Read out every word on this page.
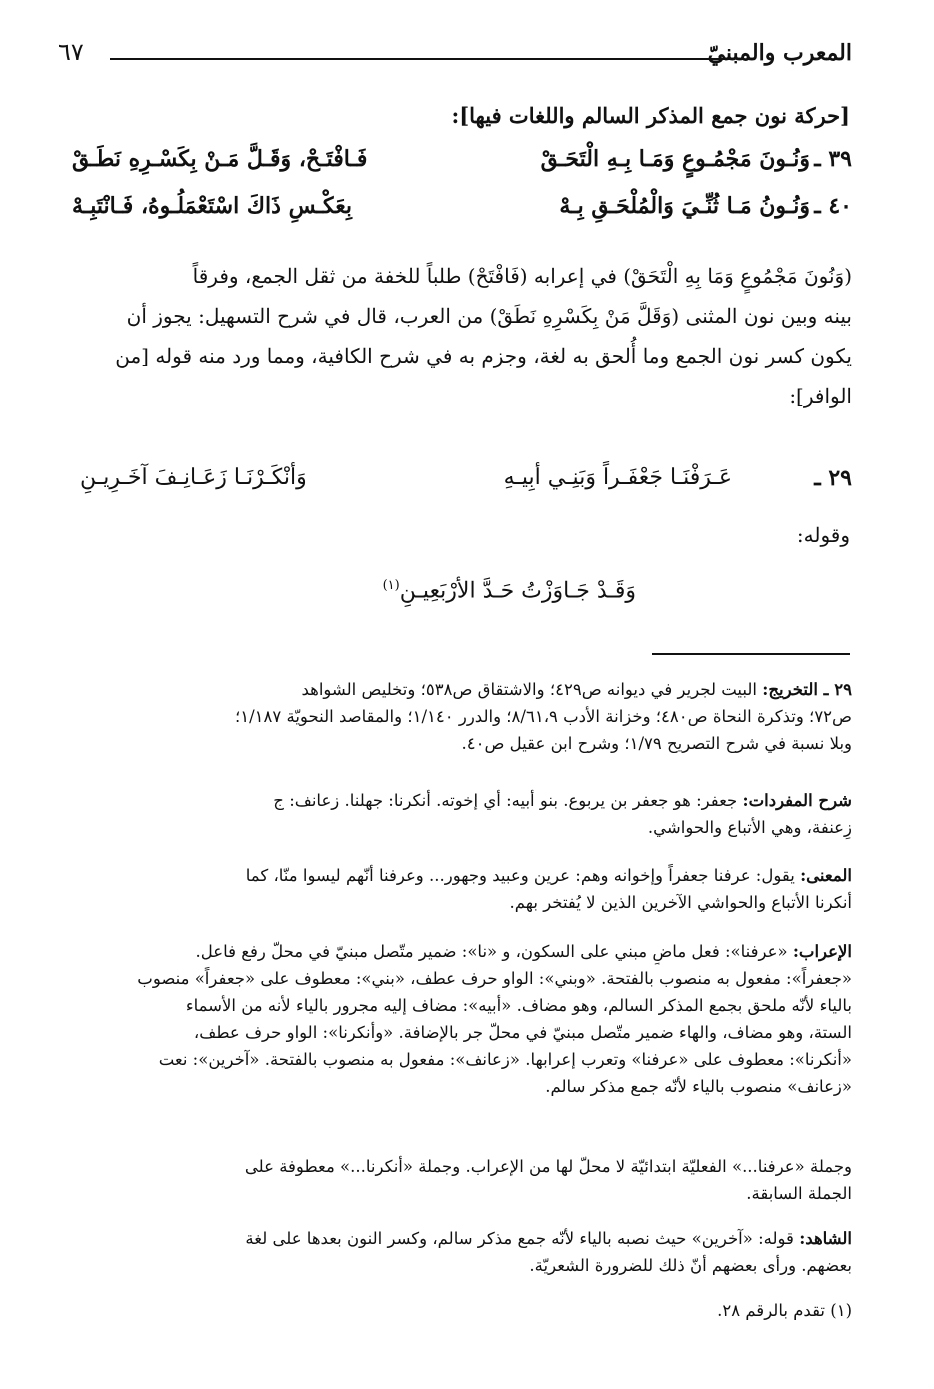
المعرب والمبنيّ
٦٧
[حركة نون جمع المذكر السالم واللغات فيها]:
٣٩ ـ
وَنُـونَ مَجْمُـوعٍ وَمَـا بِـهِ الْتَحَـقْ
فَـافْتَـحْ، وَقَـلَّ مَـنْ بِكَسْـرِهِ نَطَـقْ
٤٠ ـ
وَنُـونُ مَـا ثُنِّـيَ وَالْمُلْحَـقِ بِـهْ
بِعَكْـسِ ذَاكَ اسْتَعْمَلُـوهُ، فَـانْتَبِـهْ
(وَنُونَ مَجْمُوعٍ وَمَا بِهِ الْتَحَقْ) في إعرابه (فَافْتَحْ) طلباً للخفة من ثقل الجمع، وفرقاً
بينه وبين نون المثنى (وَقَلَّ مَنْ بِكَسْرِهِ نَطَقْ) من العرب، قال في شرح التسهيل: يجوز أن
يكون كسر نون الجمع وما أُلحق به لغة، وجزم به في شرح الكافية، ومما ورد منه قوله [من
الوافر]:
٢٩ ـ
عَـرَفْنَـا جَعْفَـراً وَبَنِـي أبِيـهِ
وَأنْكَـرْنَـا زَعَـانِـفَ آخَـرِيـنِ
وقوله:
وَقَـدْ جَـاوَزْتُ حَـدَّ الأرْبَعِيـنِ$^{(١)}$
٢٩ ـ التخريج: البيت لجرير في ديوانه ص٤٢٩؛ والاشتقاق ص٥٣٨؛ وتخليص الشواهد
ص٧٢؛ وتذكرة النحاة ص٤٨٠؛ وخزانة الأدب ٨/٦١،٩؛ والدرر ١/١٤٠؛ والمقاصد النحويّة ١/١٨٧؛
وبلا نسبة في شرح التصريح ١/٧٩؛ وشرح ابن عقيل ص٤٠.
شرح المفردات: جعفر: هو جعفر بن يربوع. بنو أبيه: أي إخوته. أنكرنا: جهلنا. زعانف: ج
زِعنفة، وهي الأتباع والحواشي.
المعنى: يقول: عرفنا جعفراً وإخوانه وهم: عرين وعبيد وجهور... وعرفنا أنّهم ليسوا منّا، كما
أنكرنا الأتباع والحواشي الآخرين الذين لا يُفتخر بهم.
الإعراب: «عرفنا»: فعل ماضٍ مبني على السكون، و «نا»: ضمير متّصل مبنيّ في محلّ رفع فاعل.
«جعفراً»: مفعول به منصوب بالفتحة. «وبني»: الواو حرف عطف، «بني»: معطوف على «جعفراً» منصوب
بالياء لأنّه ملحق بجمع المذكر السالم، وهو مضاف. «أبيه»: مضاف إليه مجرور بالياء لأنه من الأسماء
الستة، وهو مضاف، والهاء ضمير متّصل مبنيّ في محلّ جر بالإضافة. «وأنكرنا»: الواو حرف عطف،
«أنكرنا»: معطوف على «عرفنا» وتعرب إعرابها. «زعانف»: مفعول به منصوب بالفتحة. «آخرين»: نعت
«زعانف» منصوب بالياء لأنّه جمع مذكر سالم.
وجملة «عرفنا...» الفعليّة ابتدائيّة لا محلّ لها من الإعراب. وجملة «أنكرنا...» معطوفة على
الجملة السابقة.
الشاهد: قوله: «آخرين» حيث نصبه بالياء لأنّه جمع مذكر سالم، وكسر النون بعدها على لغة
بعضهم. ورأى بعضهم أنّ ذلك للضرورة الشعريّة.
(١) تقدم بالرقم ٢٨.
